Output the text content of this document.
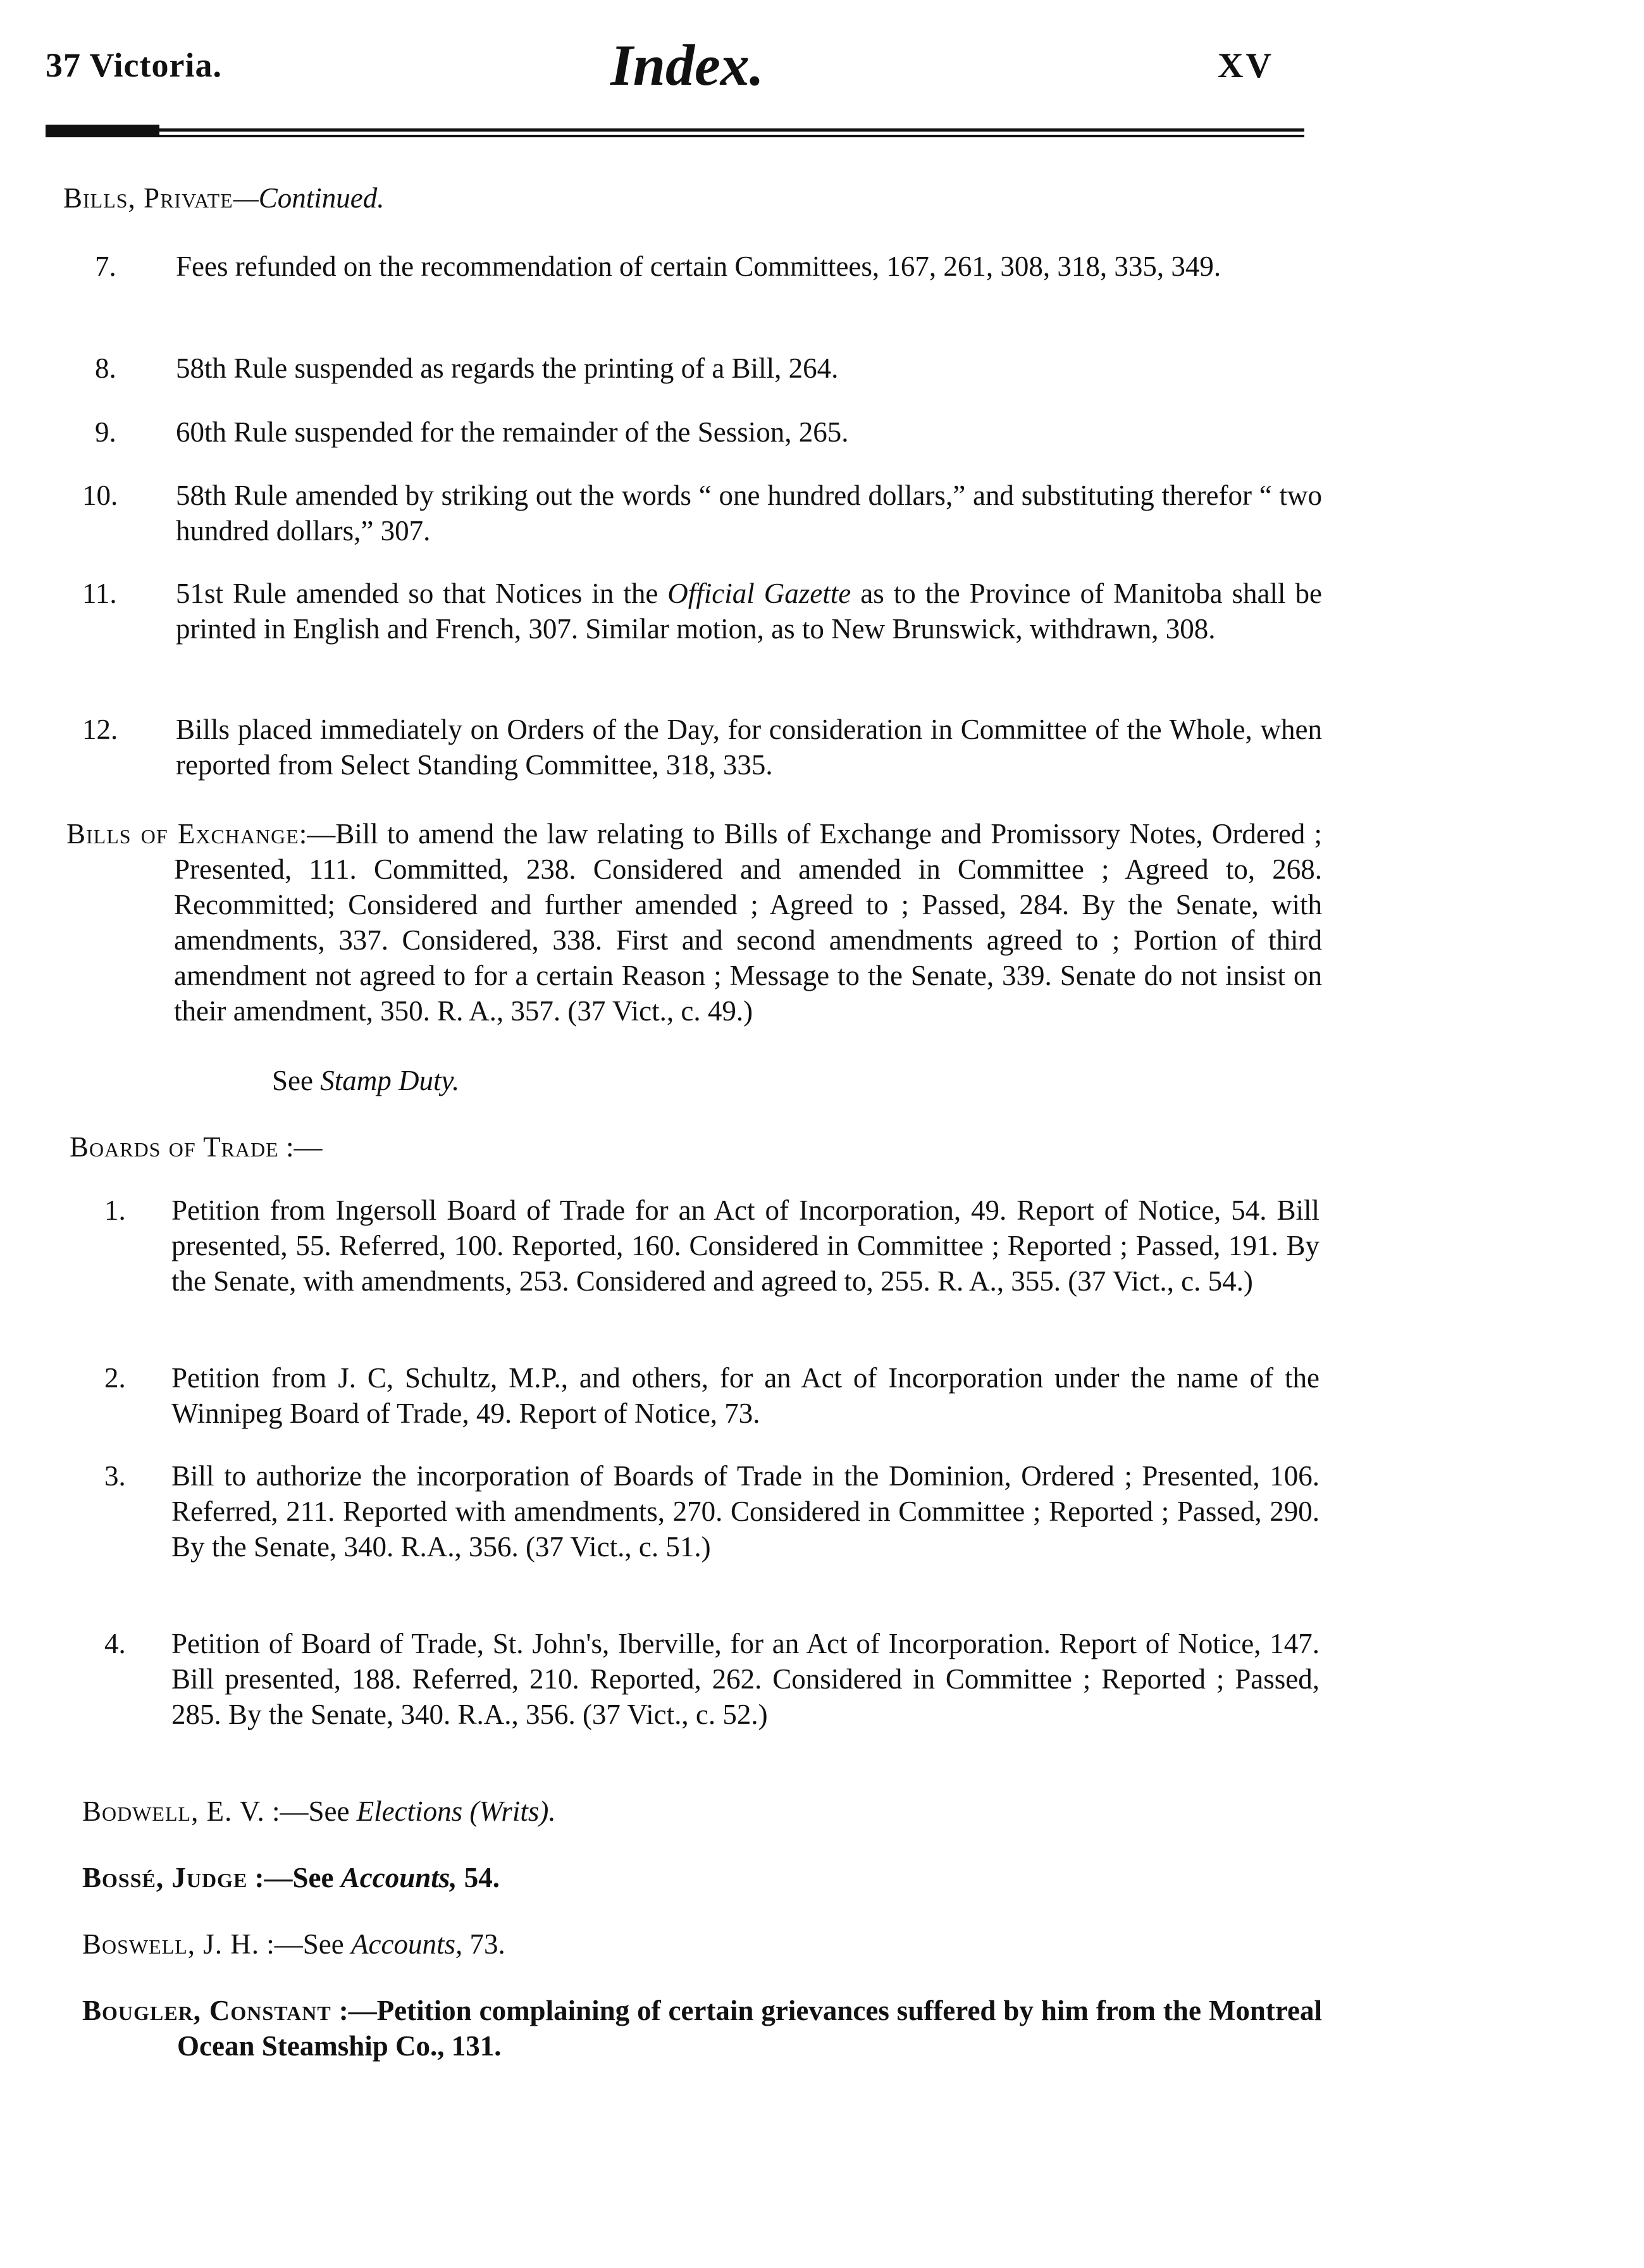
37 Victoria.	Index.	XV
Bills, Private—Continued.
7. Fees refunded on the recommendation of certain Committees, 167, 261, 308, 318, 335, 349.
8. 58th Rule suspended as regards the printing of a Bill, 264.
9. 60th Rule suspended for the remainder of the Session, 265.
10. 58th Rule amended by striking out the words “ one hundred dollars,” and substituting therefor “ two hundred dollars,” 307.
11. 51st Rule amended so that Notices in the Official Gazette as to the Province of Manitoba shall be printed in English and French, 307. Similar motion, as to New Brunswick, withdrawn, 308.
12. Bills placed immediately on Orders of the Day, for consideration in Committee of the Whole, when reported from Select Standing Committee, 318, 335.
Bills of Exchange:—Bill to amend the law relating to Bills of Exchange and Promissory Notes, Ordered ; Presented, 111. Committed, 238. Considered and amended in Committee ; Agreed to, 268. Recommitted; Considered and further amended ; Agreed to ; Passed, 284. By the Senate, with amendments, 337. Considered, 338. First and second amendments agreed to ; Portion of third amendment not agreed to for a certain Reason ; Message to the Senate, 339. Senate do not insist on their amendment, 350. R. A., 357. (37 Vict., c. 49.)
See Stamp Duty.
Boards of Trade :—
1. Petition from Ingersoll Board of Trade for an Act of Incorporation, 49. Report of Notice, 54. Bill presented, 55. Referred, 100. Reported, 160. Considered in Committee ; Reported ; Passed, 191. By the Senate, with amendments, 253. Considered and agreed to, 255. R. A., 355. (37 Vict., c. 54.)
2. Petition from J. C, Schultz, M.P., and others, for an Act of Incorporation under the name of the Winnipeg Board of Trade, 49. Report of Notice, 73.
3. Bill to authorize the incorporation of Boards of Trade in the Dominion, Ordered ; Presented, 106. Referred, 211. Reported with amendments, 270. Considered in Committee ; Reported ; Passed, 290. By the Senate, 340. R.A., 356. (37 Vict., c. 51.)
4. Petition of Board of Trade, St. John's, Iberville, for an Act of Incorporation. Report of Notice, 147. Bill presented, 188. Referred, 210. Reported, 262. Considered in Committee ; Reported ; Passed, 285. By the Senate, 340. R.A., 356. (37 Vict., c. 52.)
Bodwell, E. V. :—See Elections (Writs).
Bossé, Judge :—See Accounts, 54.
Boswell, J. H. :—See Accounts, 73.
Bougler, Constant :—Petition complaining of certain grievances suffered by him from the Montreal Ocean Steamship Co., 131.
